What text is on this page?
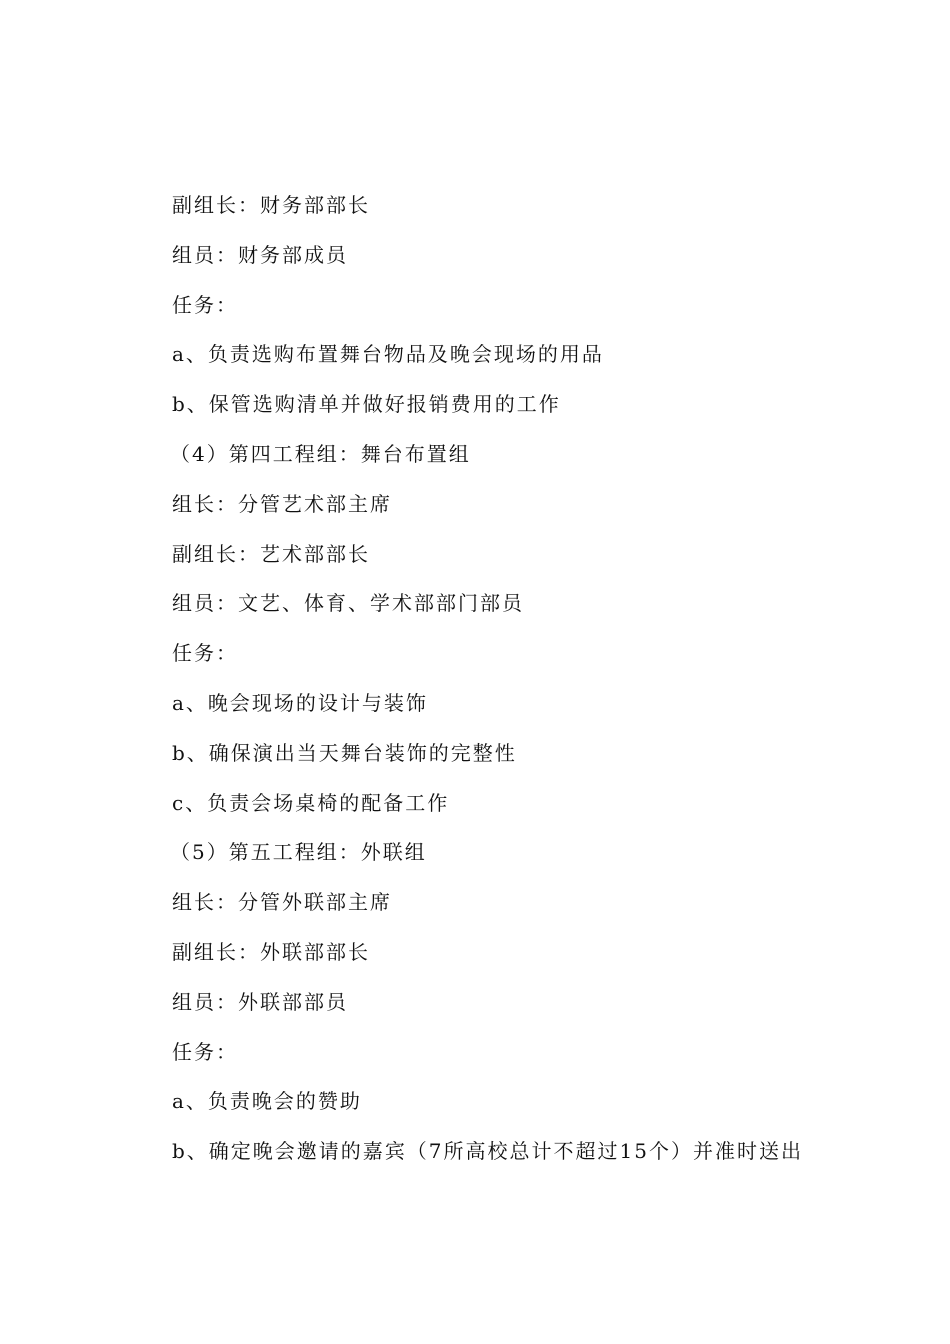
副组长：财务部部长
组员：财务部成员
任务：
a、负责选购布置舞台物品及晚会现场的用品
b、保管选购清单并做好报销费用的工作
（4）第四工程组：舞台布置组
组长：分管艺术部主席
副组长：艺术部部长
组员：文艺、体育、学术部部门部员
任务：
a、晚会现场的设计与装饰
b、确保演出当天舞台装饰的完整性
c、负责会场桌椅的配备工作
（5）第五工程组：外联组
组长：分管外联部主席
副组长：外联部部长
组员：外联部部员
任务：
a、负责晚会的赞助
b、确定晚会邀请的嘉宾（7所高校总计不超过15个）并准时送出
